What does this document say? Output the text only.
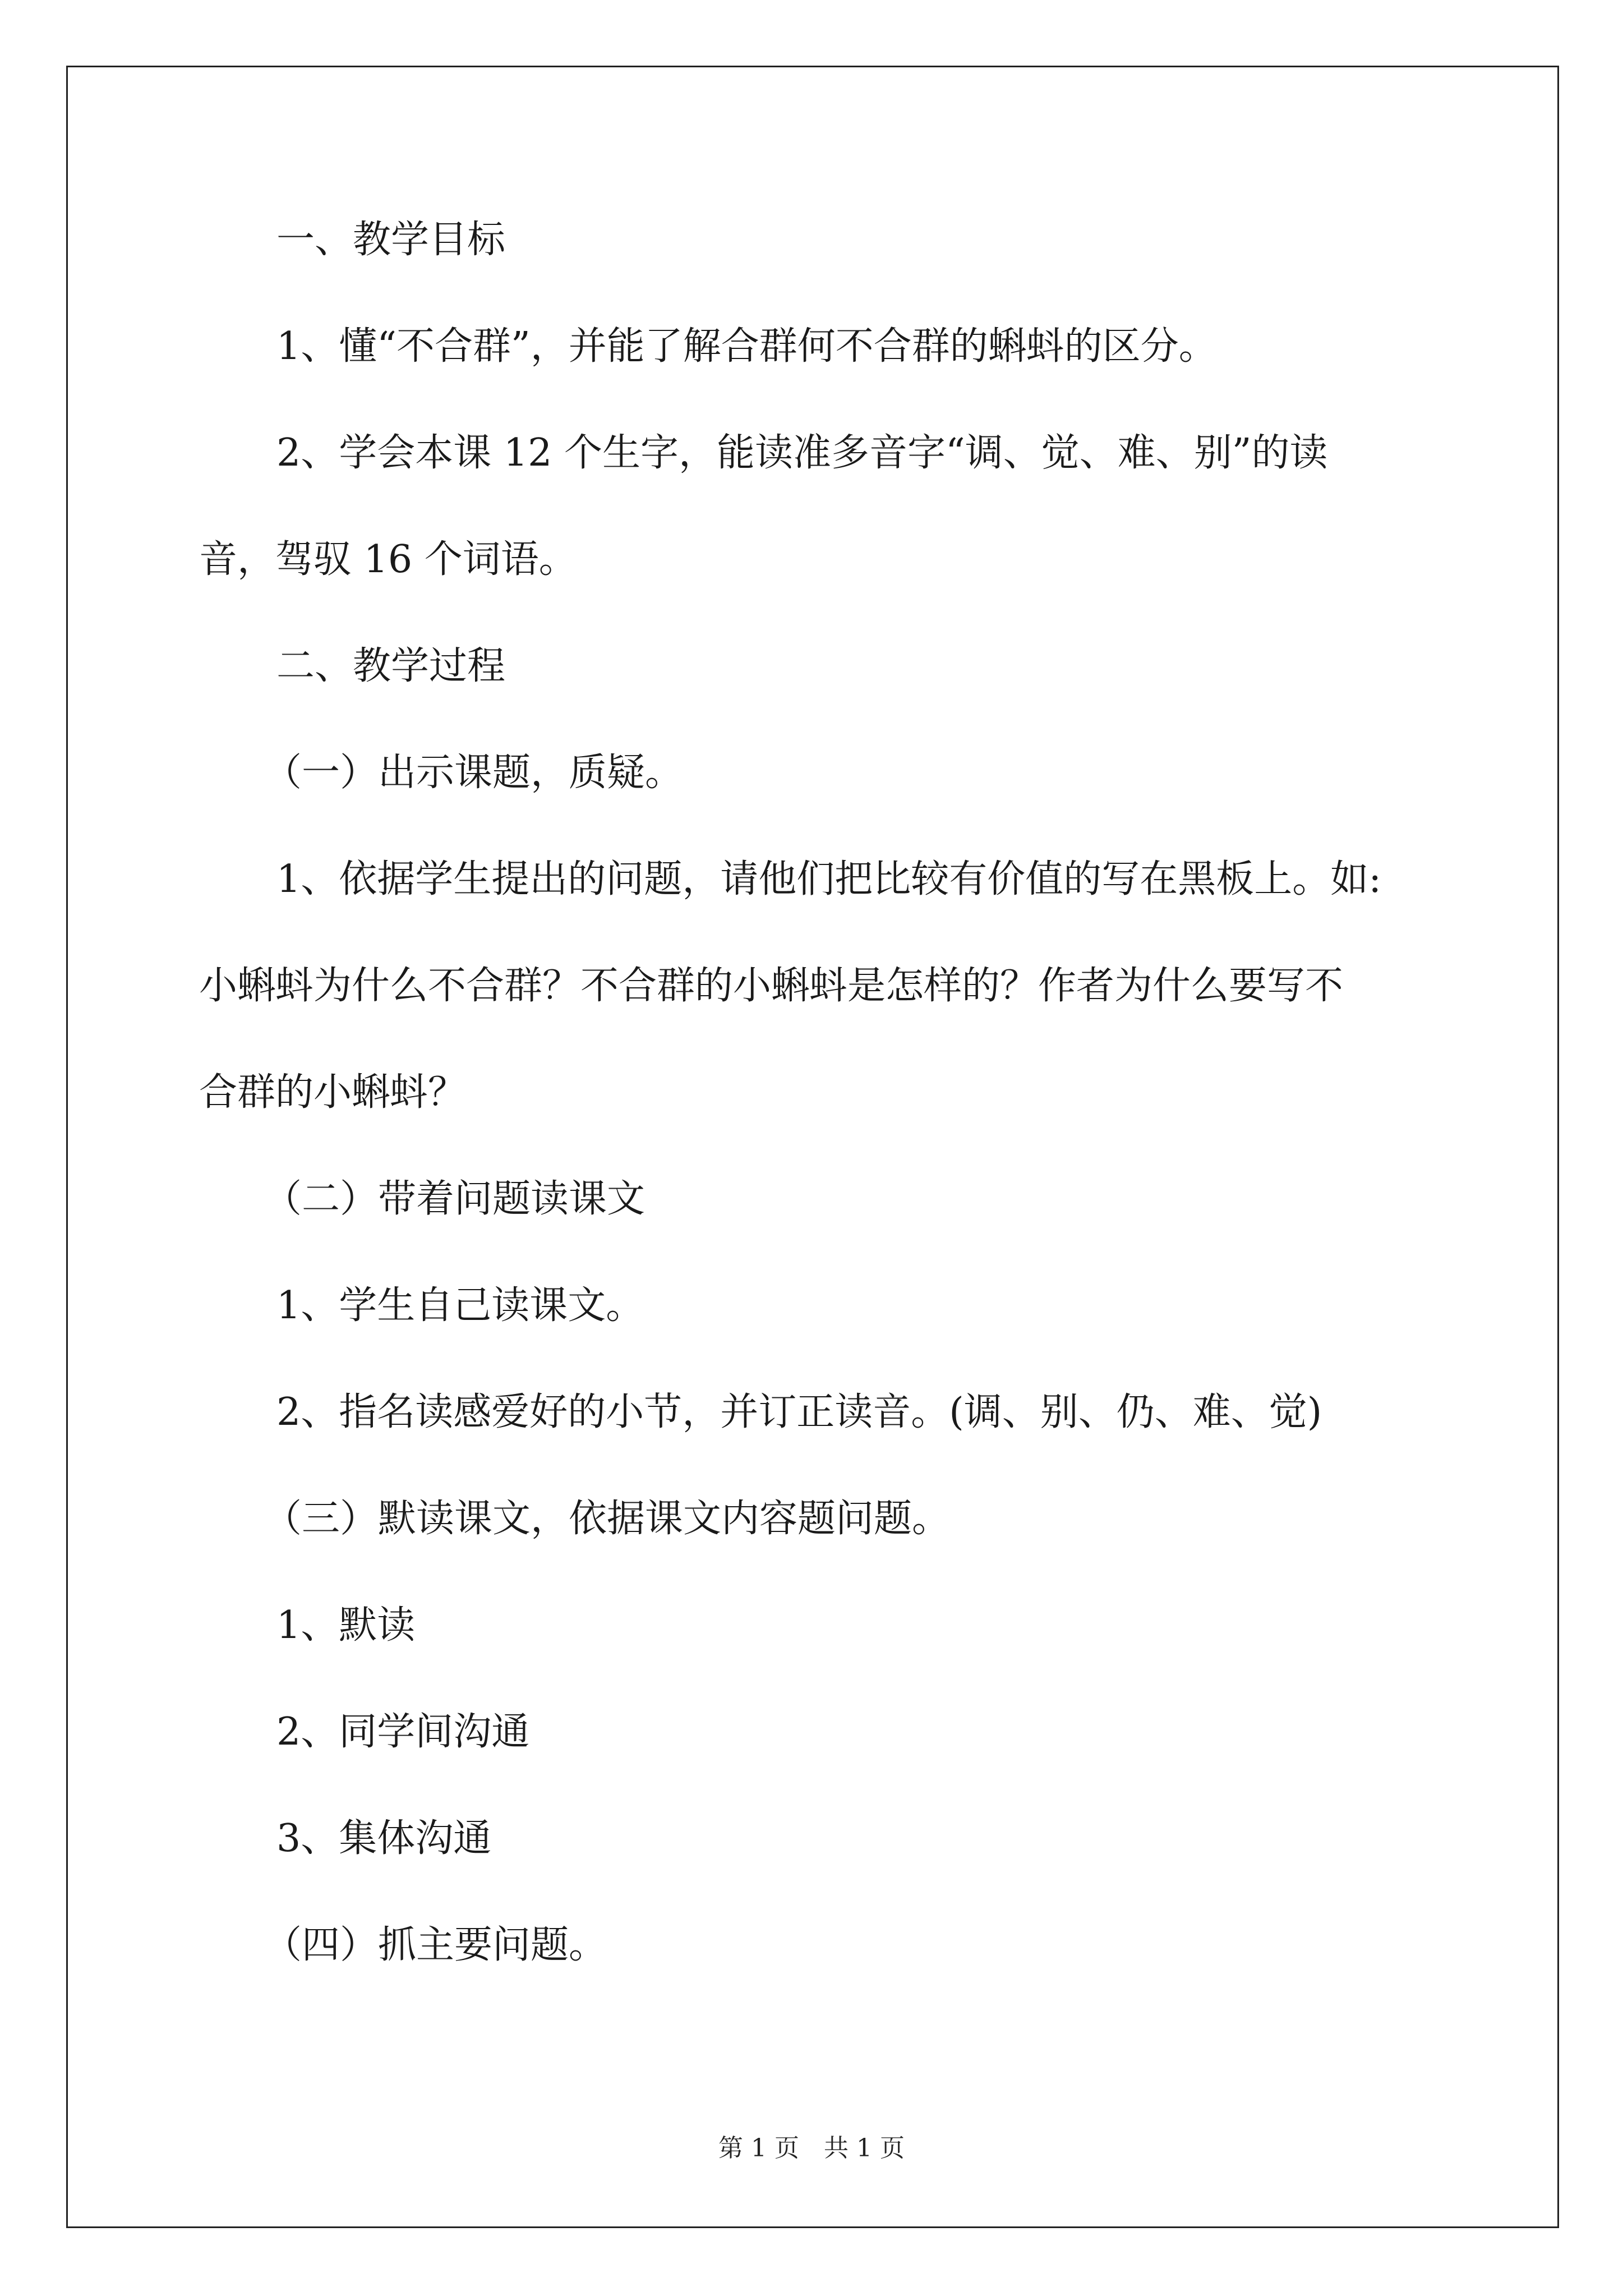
一、教学目标

1、懂“不合群”，并能了解合群何不合群的蝌蚪的区分。

2、学会本课 12 个生字，能读准多音字“调、觉、难、别”的读

音，驾驭 16 个词语。

二、教学过程

（一）出示课题，质疑。

1、依据学生提出的问题，请他们把比较有价值的写在黑板上。如:

小蝌蚪为什么不合群？不合群的小蝌蚪是怎样的？作者为什么要写不

合群的小蝌蚪？

（二）带着问题读课文

1、学生自己读课文。

2、指名读感爱好的小节，并订正读音。(调、别、仍、难、觉)

（三）默读课文，依据课文内容题问题。

1、默读

2、同学间沟通

3、集体沟通

（四）抓主要问题。

第 1 页　共 1 页
